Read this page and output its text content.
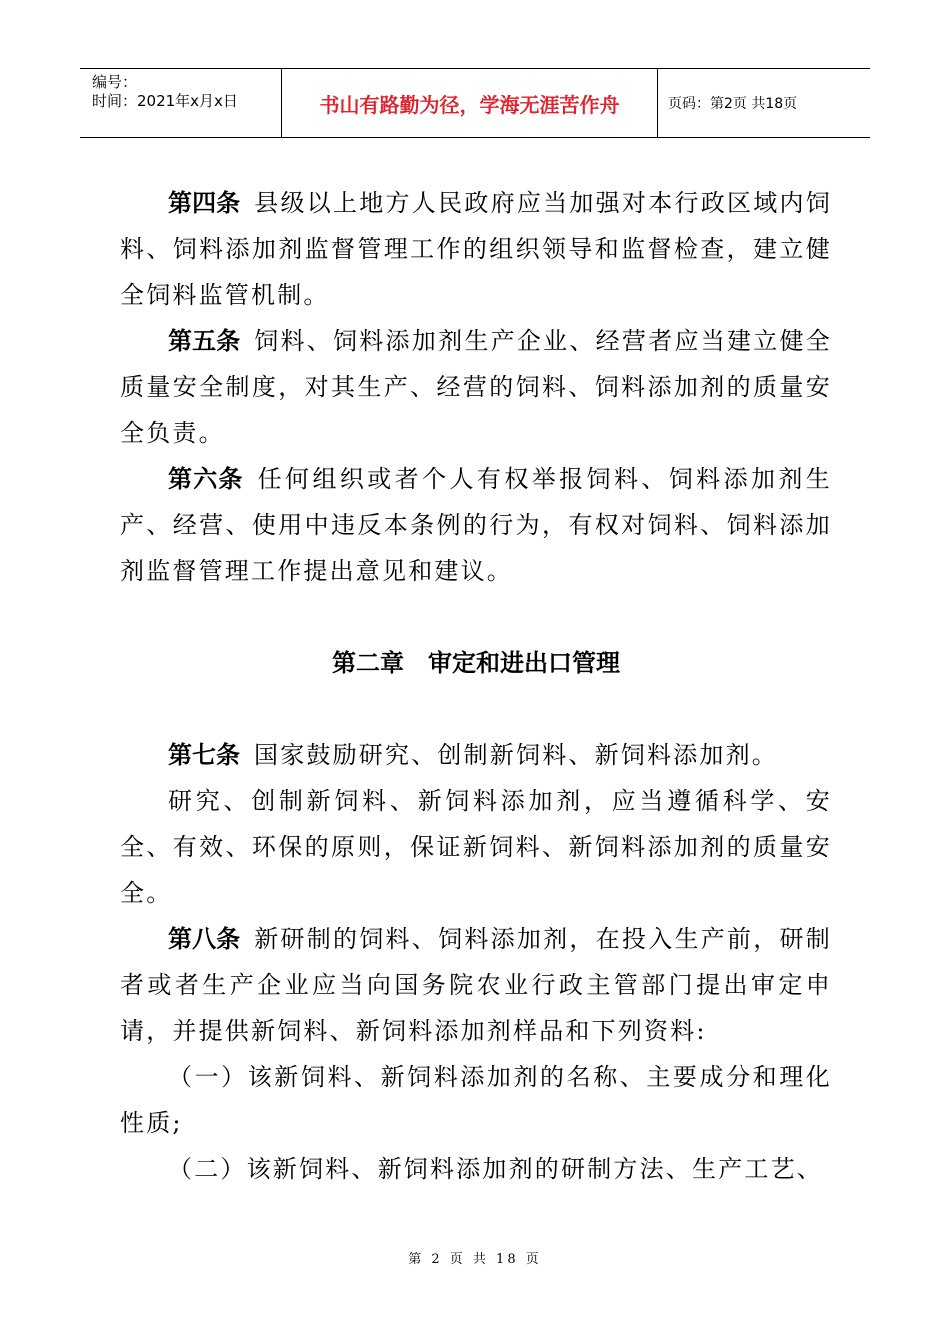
编号：
时间：2021年x月x日	书山有路勤为径，学海无涯苦作舟	页码：第2页 共18页

第四条 县级以上地方人民政府应当加强对本行政区域内饲料、饲料添加剂监督管理工作的组织领导和监督检查，建立健全饲料监管机制。

第五条 饲料、饲料添加剂生产企业、经营者应当建立健全质量安全制度，对其生产、经营的饲料、饲料添加剂的质量安全负责。

第六条 任何组织或者个人有权举报饲料、饲料添加剂生产、经营、使用中违反本条例的行为，有权对饲料、饲料添加剂监督管理工作提出意见和建议。

第二章 审定和进出口管理

第七条 国家鼓励研究、创制新饲料、新饲料添加剂。

研究、创制新饲料、新饲料添加剂，应当遵循科学、安全、有效、环保的原则，保证新饲料、新饲料添加剂的质量安全。

第八条 新研制的饲料、饲料添加剂，在投入生产前，研制者或者生产企业应当向国务院农业行政主管部门提出审定申请，并提供新饲料、新饲料添加剂样品和下列资料:

（一）该新饲料、新饲料添加剂的名称、主要成分和理化性质;

（二）该新饲料、新饲料添加剂的研制方法、生产工艺、

第 2 页 共 18 页
